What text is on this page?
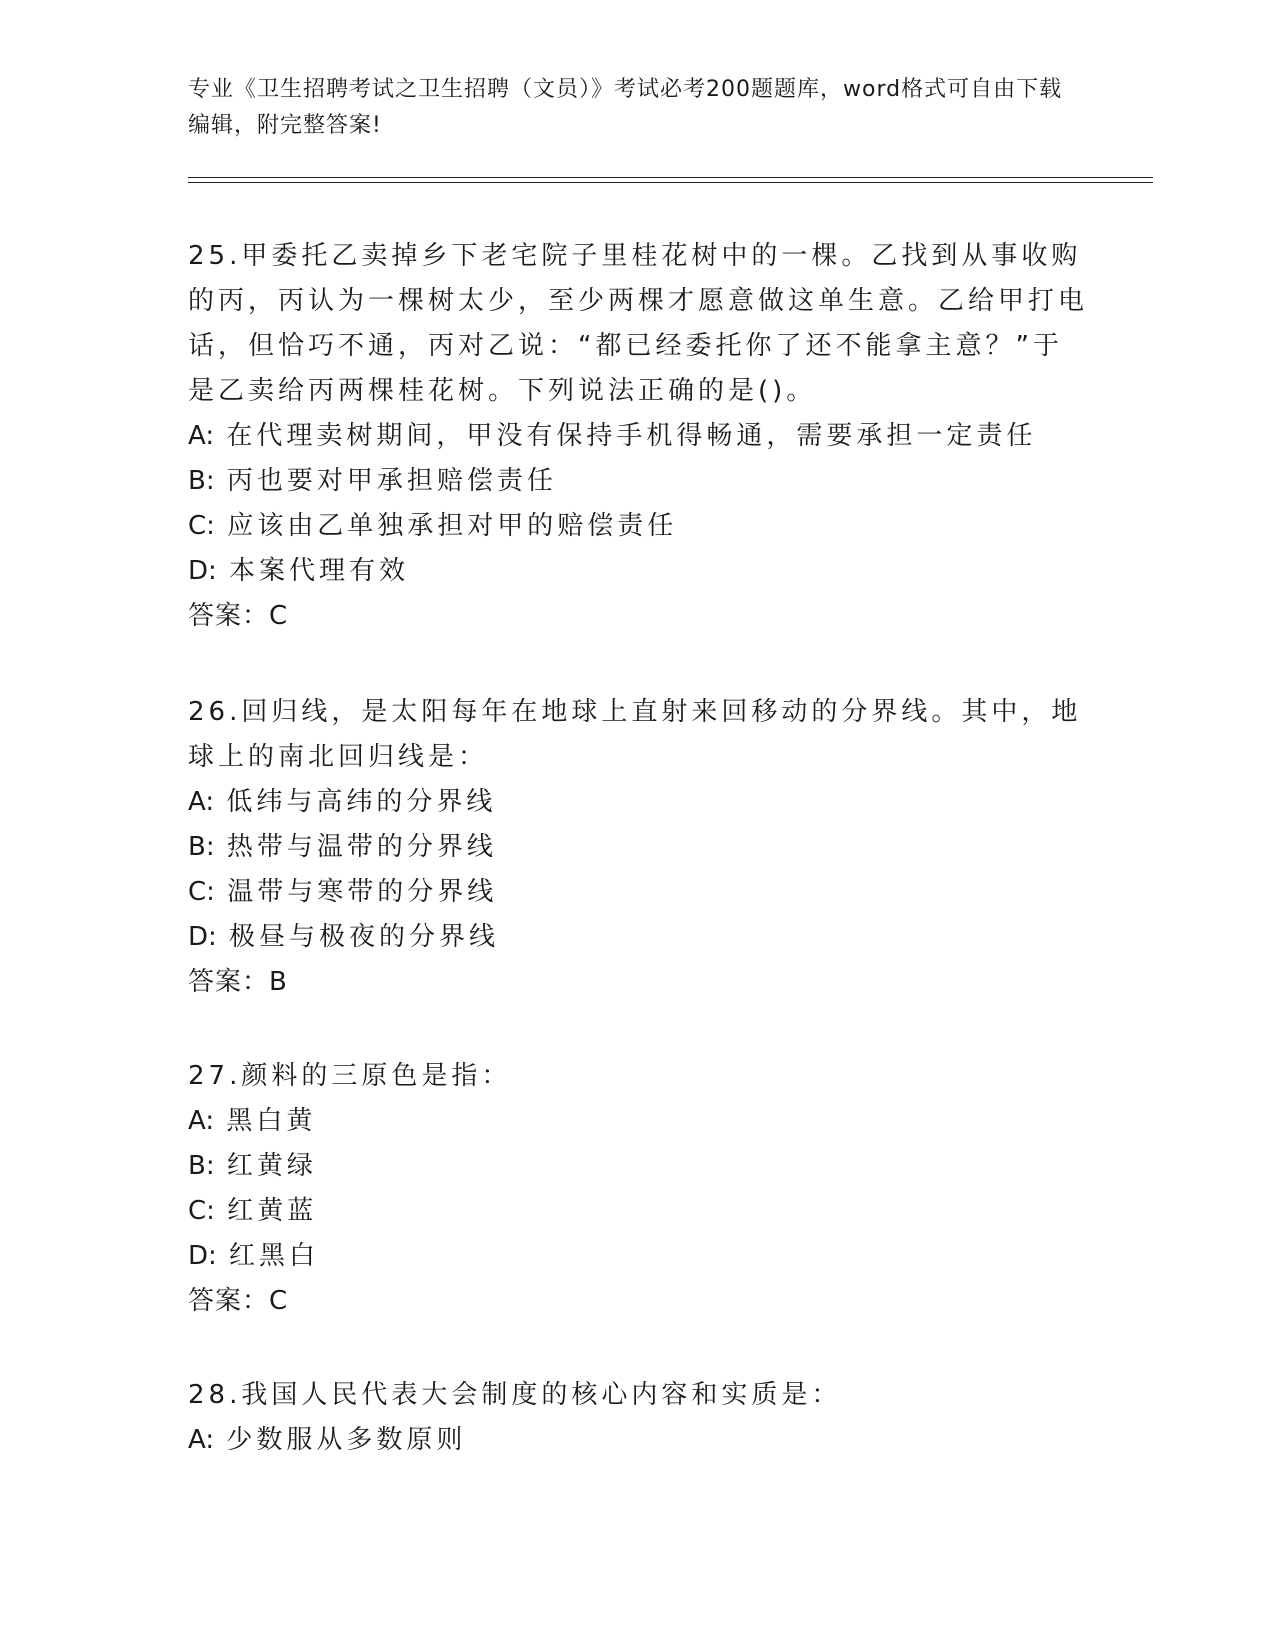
专业《卫生招聘考试之卫生招聘（文员）》考试必考200题题库，word格式可自由下载编辑，附完整答案!
25.甲委托乙卖掉乡下老宅院子里桂花树中的一棵。乙找到从事收购的丙，丙认为一棵树太少，至少两棵才愿意做这单生意。乙给甲打电话，但恰巧不通，丙对乙说：“都已经委托你了还不能拿主意？”于是乙卖给丙两棵桂花树。下列说法正确的是()。
A: 在代理卖树期间，甲没有保持手机得畅通，需要承担一定责任
B: 丙也要对甲承担赔偿责任
C: 应该由乙单独承担对甲的赔偿责任
D: 本案代理有效
答案：C
26.回归线，是太阳每年在地球上直射来回移动的分界线。其中，地球上的南北回归线是：
A: 低纬与高纬的分界线
B: 热带与温带的分界线
C: 温带与寒带的分界线
D: 极昼与极夜的分界线
答案：B
27.颜料的三原色是指：
A: 黑白黄
B: 红黄绿
C: 红黄蓝
D: 红黑白
答案：C
28.我国人民代表大会制度的核心内容和实质是：
A: 少数服从多数原则
